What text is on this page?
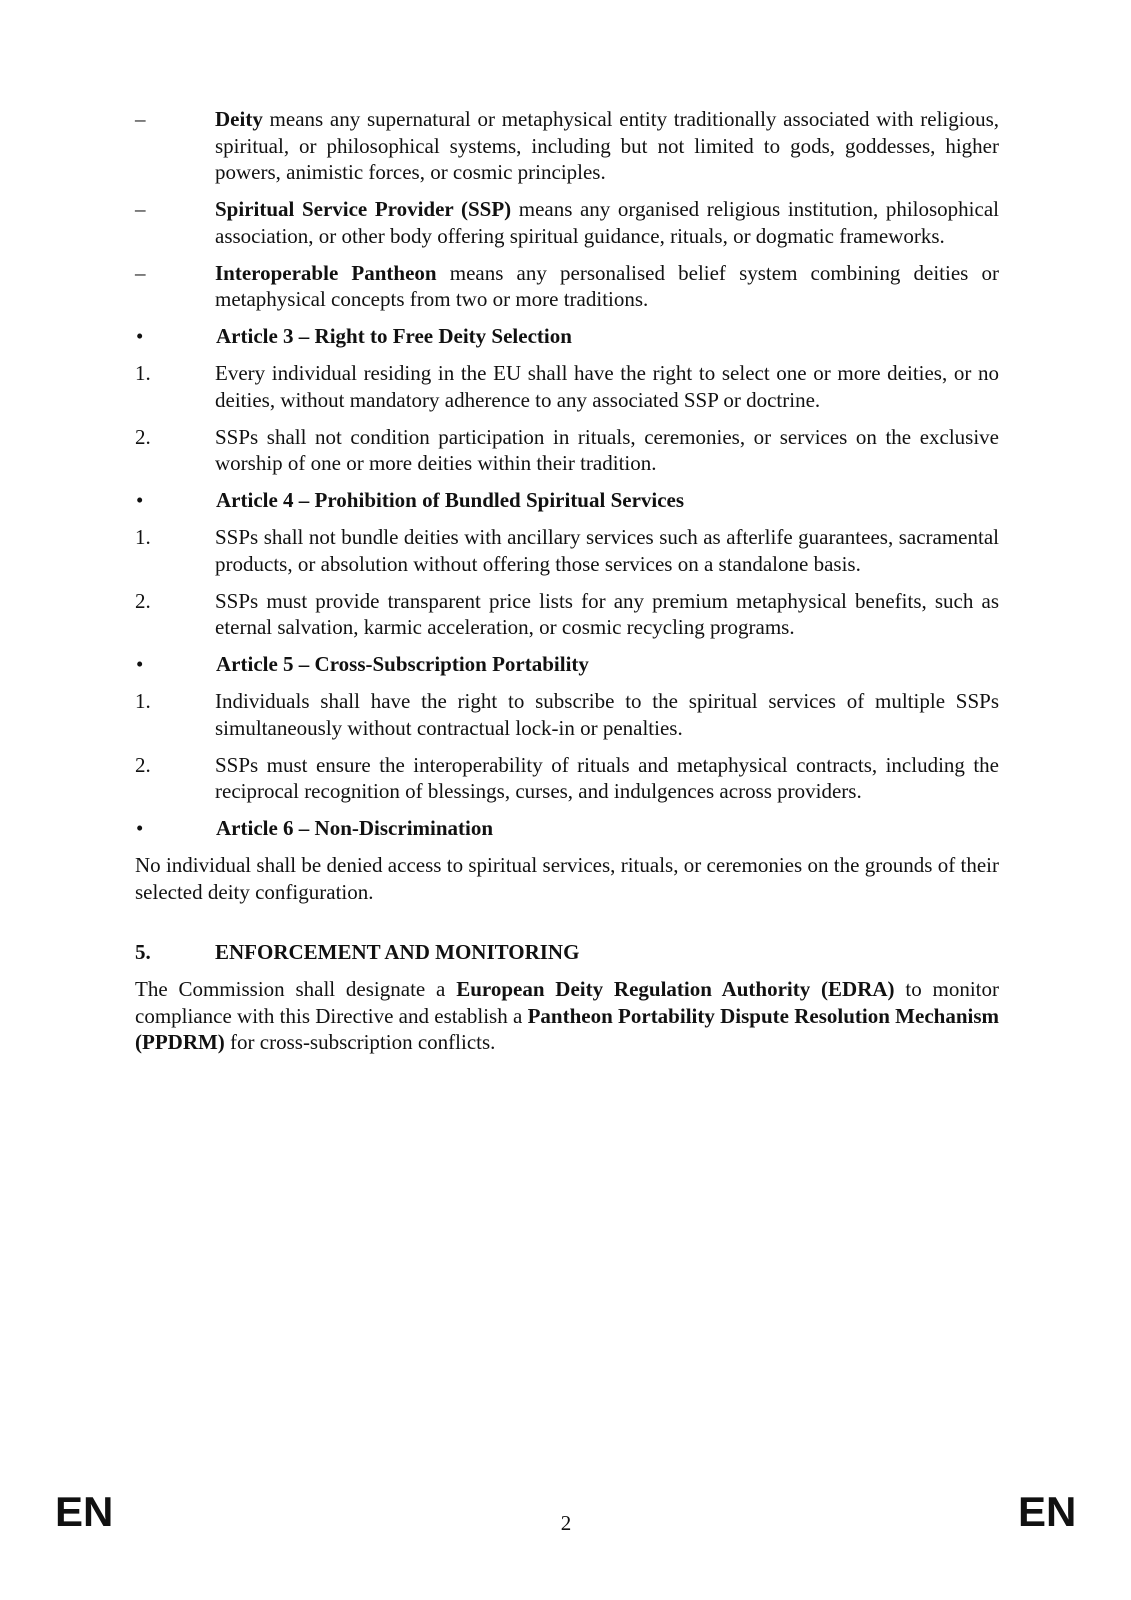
–	Deity means any supernatural or metaphysical entity traditionally associated with religious, spiritual, or philosophical systems, including but not limited to gods, goddesses, higher powers, animistic forces, or cosmic principles.
–	Spiritual Service Provider (SSP) means any organised religious institution, philosophical association, or other body offering spiritual guidance, rituals, or dogmatic frameworks.
–	Interoperable Pantheon means any personalised belief system combining deities or metaphysical concepts from two or more traditions.
•	Article 3 – Right to Free Deity Selection
1.	Every individual residing in the EU shall have the right to select one or more deities, or no deities, without mandatory adherence to any associated SSP or doctrine.
2.	SSPs shall not condition participation in rituals, ceremonies, or services on the exclusive worship of one or more deities within their tradition.
•	Article 4 – Prohibition of Bundled Spiritual Services
1.	SSPs shall not bundle deities with ancillary services such as afterlife guarantees, sacramental products, or absolution without offering those services on a standalone basis.
2.	SSPs must provide transparent price lists for any premium metaphysical benefits, such as eternal salvation, karmic acceleration, or cosmic recycling programs.
•	Article 5 – Cross-Subscription Portability
1.	Individuals shall have the right to subscribe to the spiritual services of multiple SSPs simultaneously without contractual lock-in or penalties.
2.	SSPs must ensure the interoperability of rituals and metaphysical contracts, including the reciprocal recognition of blessings, curses, and indulgences across providers.
•	Article 6 – Non-Discrimination
No individual shall be denied access to spiritual services, rituals, or ceremonies on the grounds of their selected deity configuration.
5.	ENFORCEMENT AND MONITORING
The Commission shall designate a European Deity Regulation Authority (EDRA) to monitor compliance with this Directive and establish a Pantheon Portability Dispute Resolution Mechanism (PPDRM) for cross-subscription conflicts.
EN	2	EN
